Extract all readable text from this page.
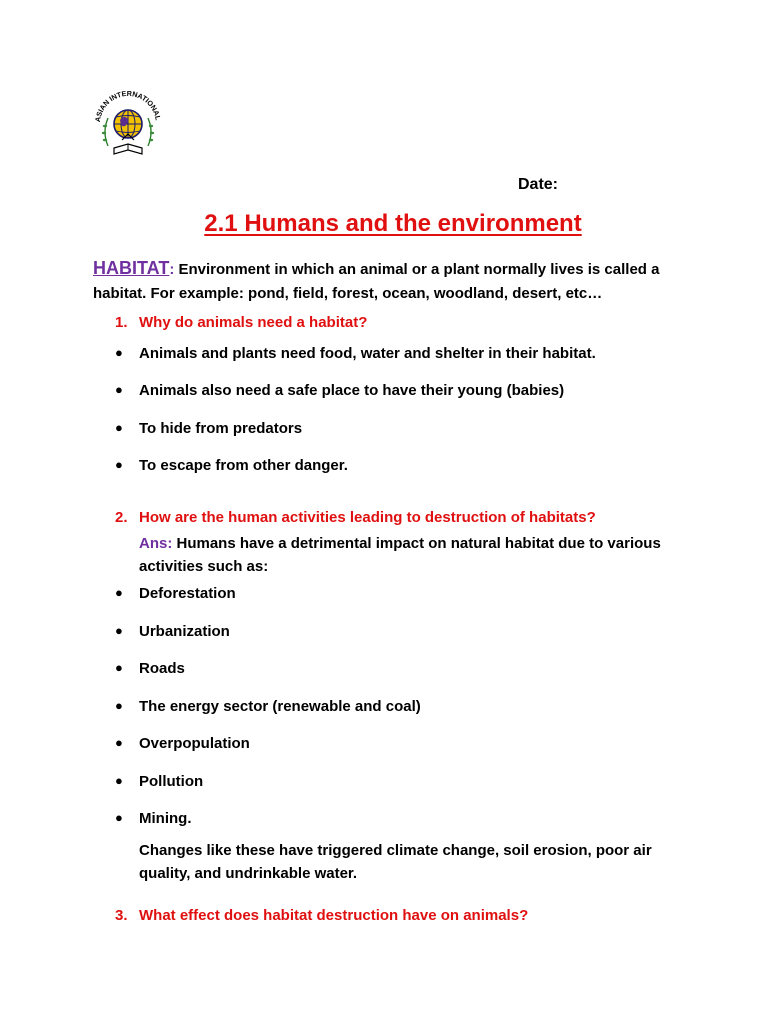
ASIAN INTERNATIONAL
Date:
2.1 Humans and the environment
HABITAT: Environment in which an animal or a plant normally lives is called a habitat. For example: pond, field, forest, ocean, woodland, desert, etc…
1. Why do animals need a habitat?
● Animals and plants need food, water and shelter in their habitat.
● Animals also need a safe place to have their young (babies)
● To hide from predators
● To escape from other danger.
2. How are the human activities leading to destruction of habitats?
Ans: Humans have a detrimental impact on natural habitat due to various activities such as:
● Deforestation
● Urbanization
● Roads
● The energy sector (renewable and coal)
● Overpopulation
● Pollution
● Mining.
Changes like these have triggered climate change, soil erosion, poor air quality, and undrinkable water.
3. What effect does habitat destruction have on animals?
